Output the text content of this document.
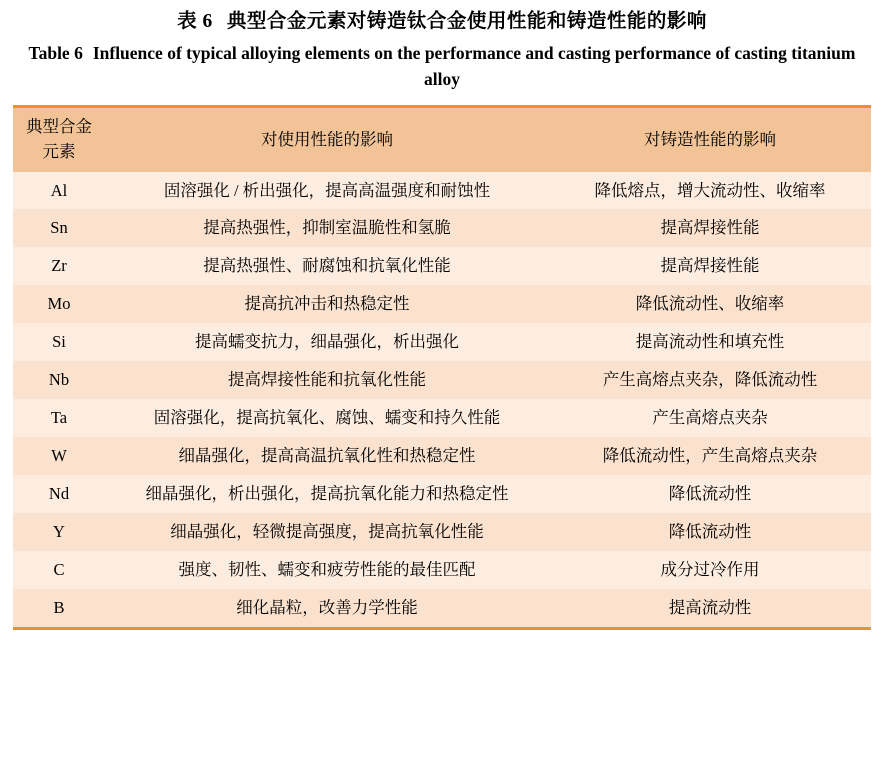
表 6 典型合金元素对铸造钛合金使用性能和铸造性能的影响
Table 6 Influence of typical alloying elements on the performance and casting performance of casting titanium alloy
典型合金元素	对使用性能的影响	对铸造性能的影响
Al	固溶强化 / 析出强化，提高高温强度和耐蚀性	降低熔点，增大流动性、收缩率
Sn	提高热强性，抑制室温脆性和氢脆	提高焊接性能
Zr	提高热强性、耐腐蚀和抗氧化性能	提高焊接性能
Mo	提高抗冲击和热稳定性	降低流动性、收缩率
Si	提高蠕变抗力，细晶强化，析出强化	提高流动性和填充性
Nb	提高焊接性能和抗氧化性能	产生高熔点夹杂，降低流动性
Ta	固溶强化，提高抗氧化、腐蚀、蠕变和持久性能	产生高熔点夹杂
W	细晶强化，提高高温抗氧化性和热稳定性	降低流动性，产生高熔点夹杂
Nd	细晶强化，析出强化，提高抗氧化能力和热稳定性	降低流动性
Y	细晶强化，轻微提高强度，提高抗氧化性能	降低流动性
C	强度、韧性、蠕变和疲劳性能的最佳匹配	成分过冷作用
B	细化晶粒，改善力学性能	提高流动性
